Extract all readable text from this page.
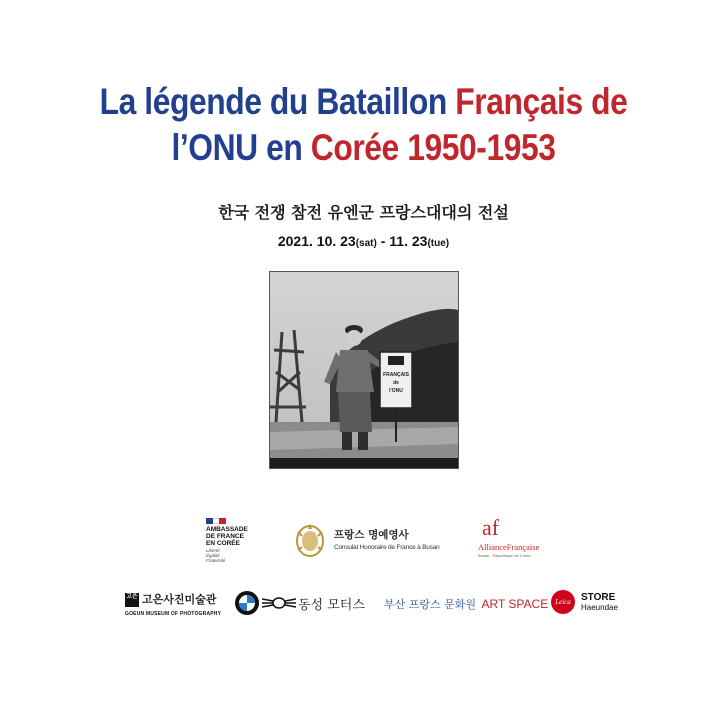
La légende du Bataillon Français de
l’ONU en Corée 1950-1953
한국 전쟁 참전 유엔군 프랑스대대의 전설
2021. 10. 23(sat) - 11. 23(tue)
FRANÇAIS
de
l'ONU
AMBASSADE
DE FRANCE
EN CORÉE
Liberté
Égalité
Fraternité
프랑스 명예영사
Consulat Honoraire de France à Busan
af
AllianceFrançaise
Busan - République de Corée
고은 고은사진미술관
GOEUN MUSEUM OF PHOTOGRAPHY
동성 모터스 부산 프랑스 문화원 ART SPACE	Leica	STORE
Haeundae
